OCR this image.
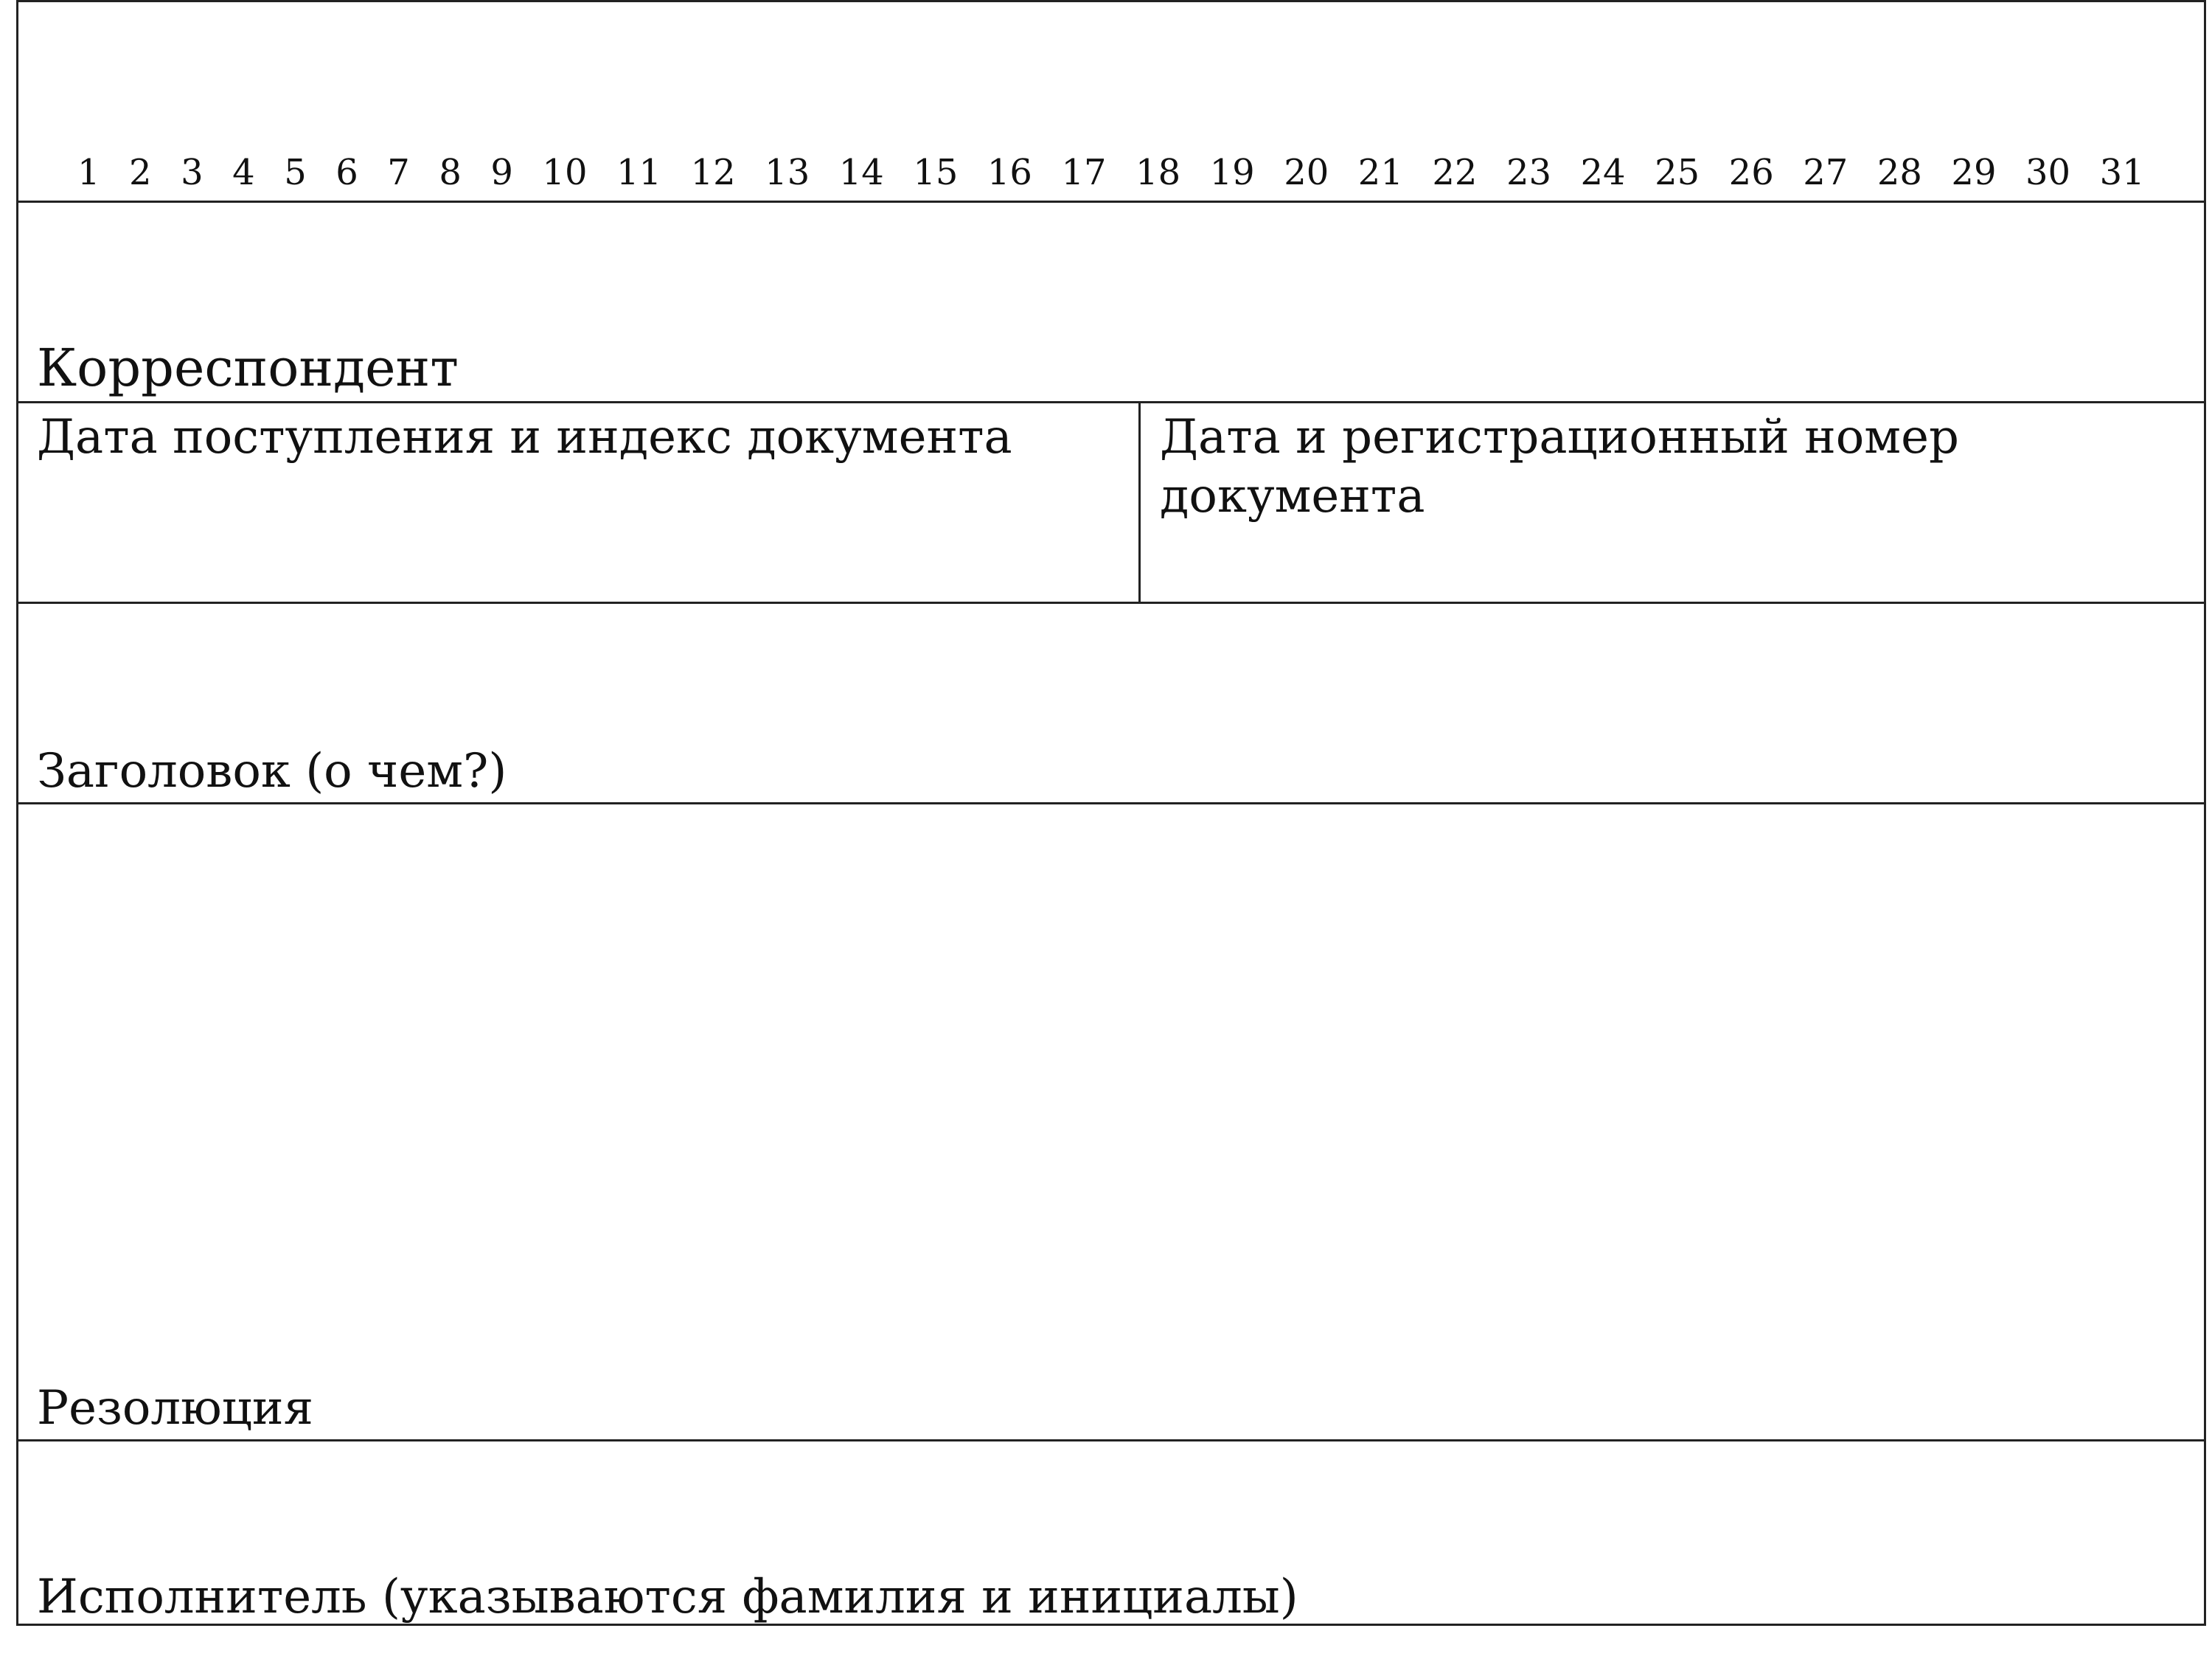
1 2 3 4 5 6 7 8 9 10 11 12 13 14 15 16 17 18 19 20 21 22 23 24 25 26 27 28 29 30 31
Корреспондент
Дата поступления и индекс документа	Дата и регистрационный номер документа
Заголовок (о чем?)
Резолюция
Исполнитель (указываются фамилия и инициалы)
